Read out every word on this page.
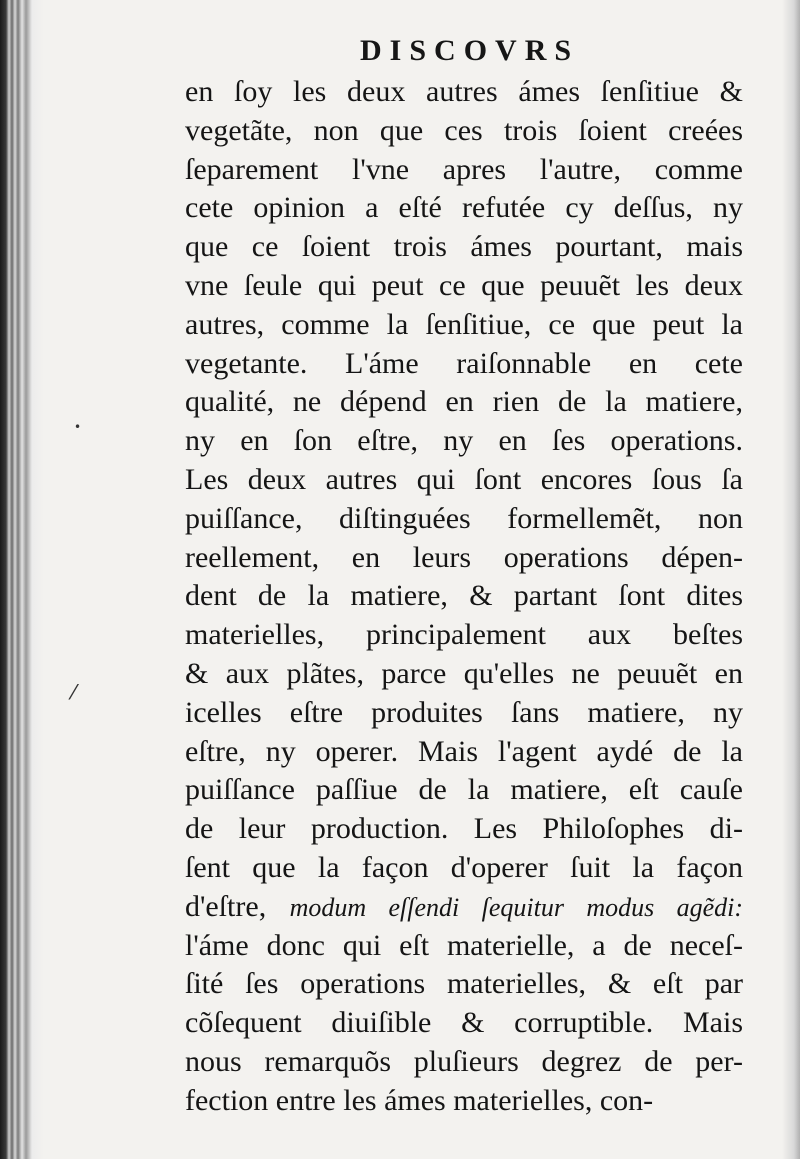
DISCOVRS
en ſoy les deux autres ámes ſenſitiue &
vegetãte, non que ces trois ſoient creées
ſeparement l'vne apres l'autre, comme
cete opinion a eſté refutée cy deſſus, ny
que ce ſoient trois ámes pourtant, mais
vne ſeule qui peut ce que peuuẽt les deux
autres, comme la ſenſitiue, ce que peut la
vegetante. L'áme raiſonnable en cete
qualité, ne dépend en rien de la matiere,
ny en ſon eſtre, ny en ſes operations.
Les deux autres qui ſont encores ſous ſa
puiſſance, diſtinguées formellemẽt, non
reellement, en leurs operations dépen-
dent de la matiere, & partant ſont dites
materielles, principalement aux beſtes
& aux plãtes, parce qu'elles ne peuuẽt en
icelles eſtre produites ſans matiere, ny
eſtre, ny operer. Mais l'agent aydé de la
puiſſance paſſiue de la matiere, eſt cauſe
de leur production. Les Philoſophes di-
ſent que la façon d'operer ſuit la façon
d'eſtre, modum eſſendi ſequitur modus agẽdi:
l'áme donc qui eſt materielle, a de neceſ-
ſité ſes operations materielles, & eſt par
cõſequent diuiſible & corruptible. Mais
nous remarquõs pluſieurs degrez de per-
fection entre les ámes materielles, con-
•
⁄
